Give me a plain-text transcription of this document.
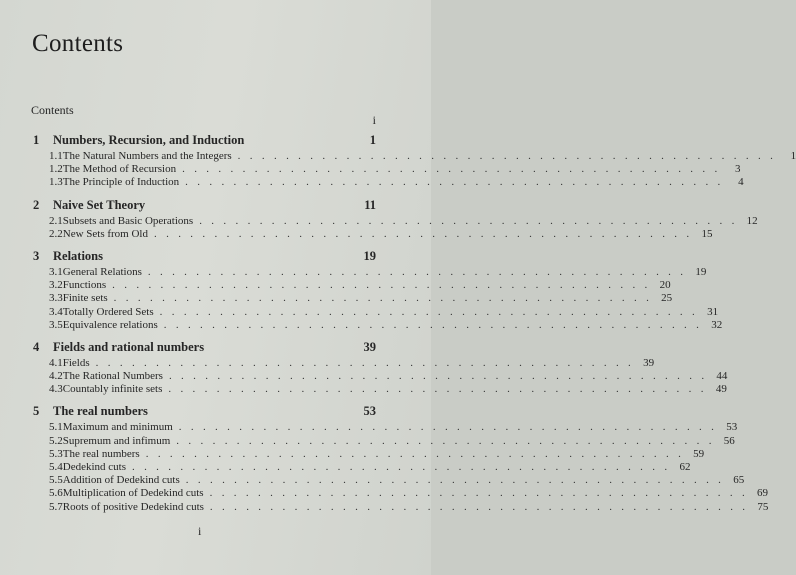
Contents
Contents
i
1	Numbers, Recursion, and Induction	1
1.1 The Natural Numbers and the Integers . . . . . . . . . . . . . . . . . . . . . . . . . . . . . . . . . . . . . . . . . . . . .	1
1.2 The Method of Recursion . . . . . . . . . . . . . . . . . . . . . . . . . . . . . . . . . . . . . . . . . . . . .	3
1.3 The Principle of Induction . . . . . . . . . . . . . . . . . . . . . . . . . . . . . . . . . . . . . . . . . . . . .	4
2	Naive Set Theory	11
2.1 Subsets and Basic Operations . . . . . . . . . . . . . . . . . . . . . . . . . . . . . . . . . . . . . . . . . . . . . 12
2.2 New Sets from Old . . . . . . . . . . . . . . . . . . . . . . . . . . . . . . . . . . . . . . . . . . . . . 15
3	Relations	19
3.1 General Relations . . . . . . . . . . . . . . . . . . . . . . . . . . . . . . . . . . . . . . . . . . . . . 19
3.2 Functions . . . . . . . . . . . . . . . . . . . . . . . . . . . . . . . . . . . . . . . . . . . . . 20
3.3 Finite sets . . . . . . . . . . . . . . . . . . . . . . . . . . . . . . . . . . . . . . . . . . . . . 25
3.4 Totally Ordered Sets . . . . . . . . . . . . . . . . . . . . . . . . . . . . . . . . . . . . . . . . . . . . . 31
3.5 Equivalence relations . . . . . . . . . . . . . . . . . . . . . . . . . . . . . . . . . . . . . . . . . . . . . 32
4	Fields and rational numbers	39
4.1 Fields . . . . . . . . . . . . . . . . . . . . . . . . . . . . . . . . . . . . . . . . . . . . . 39
4.2 The Rational Numbers . . . . . . . . . . . . . . . . . . . . . . . . . . . . . . . . . . . . . . . . . . . . . 44
4.3 Countably infinite sets . . . . . . . . . . . . . . . . . . . . . . . . . . . . . . . . . . . . . . . . . . . . . 49
5	The real numbers	53
5.1 Maximum and minimum . . . . . . . . . . . . . . . . . . . . . . . . . . . . . . . . . . . . . . . . . . . . . 53
5.2 Supremum and infimum . . . . . . . . . . . . . . . . . . . . . . . . . . . . . . . . . . . . . . . . . . . . . 56
5.3 The real numbers . . . . . . . . . . . . . . . . . . . . . . . . . . . . . . . . . . . . . . . . . . . . . 59
5.4 Dedekind cuts . . . . . . . . . . . . . . . . . . . . . . . . . . . . . . . . . . . . . . . . . . . . . 62
5.5 Addition of Dedekind cuts . . . . . . . . . . . . . . . . . . . . . . . . . . . . . . . . . . . . . . . . . . . . . 65
5.6 Multiplication of Dedekind cuts . . . . . . . . . . . . . . . . . . . . . . . . . . . . . . . . . . . . . . . . . . . . . 69
5.7 Roots of positive Dedekind cuts . . . . . . . . . . . . . . . . . . . . . . . . . . . . . . . . . . . . . . . . . . . . . 75
i
